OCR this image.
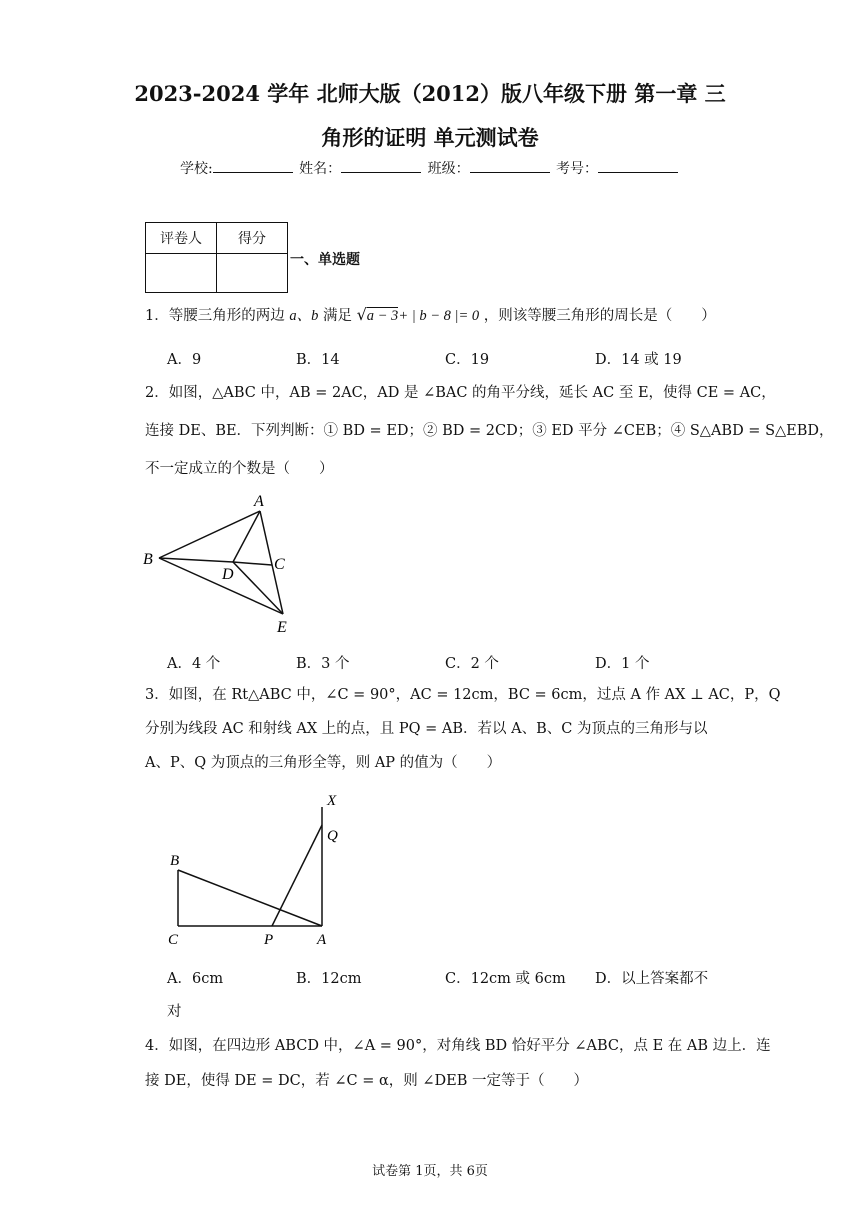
2023-2024 学年 北师大版（2012）版八年级下册 第一章 三
角形的证明 单元测试卷
学校:	姓名：	班级：	考号：
评卷人	得分

一、单选题
1．等腰三角形的两边 a、b 满足 √a − 3+ | b − 8 |= 0 ，则该等腰三角形的周长是（　　）
A．9	B．14	C．19	D．14 或 19
2．如图，△ABC 中，AB = 2AC，AD 是 ∠BAC 的角平分线，延长 AC 至 E，使得 CE = AC，
连接 DE、BE．下列判断：① BD = ED；② BD = 2CD；③ ED 平分 ∠CEB；④ S△ABD = S△EBD，
不一定成立的个数是（　　）
A
B	C
D
E
A．4 个	B．3 个	C．2 个	D．1 个
3．如图，在 Rt△ABC 中，∠C = 90°，AC = 12cm，BC = 6cm，过点 A 作 AX ⊥ AC，P，Q
分别为线段 AC 和射线 AX 上的点，且 PQ = AB．若以 A、B、C 为顶点的三角形与以
A、P、Q 为顶点的三角形全等，则 AP 的值为（　　）
X
Q
B
C	P	A
A．6cm	B．12cm	C．12cm 或 6cm D．以上答案都不
对
4．如图，在四边形 ABCD 中，∠A = 90°，对角线 BD 恰好平分 ∠ABC，点 E 在 AB 边上．连
接 DE，使得 DE = DC，若 ∠C = α，则 ∠DEB 一定等于（　　）
试卷第 1页，共 6页
